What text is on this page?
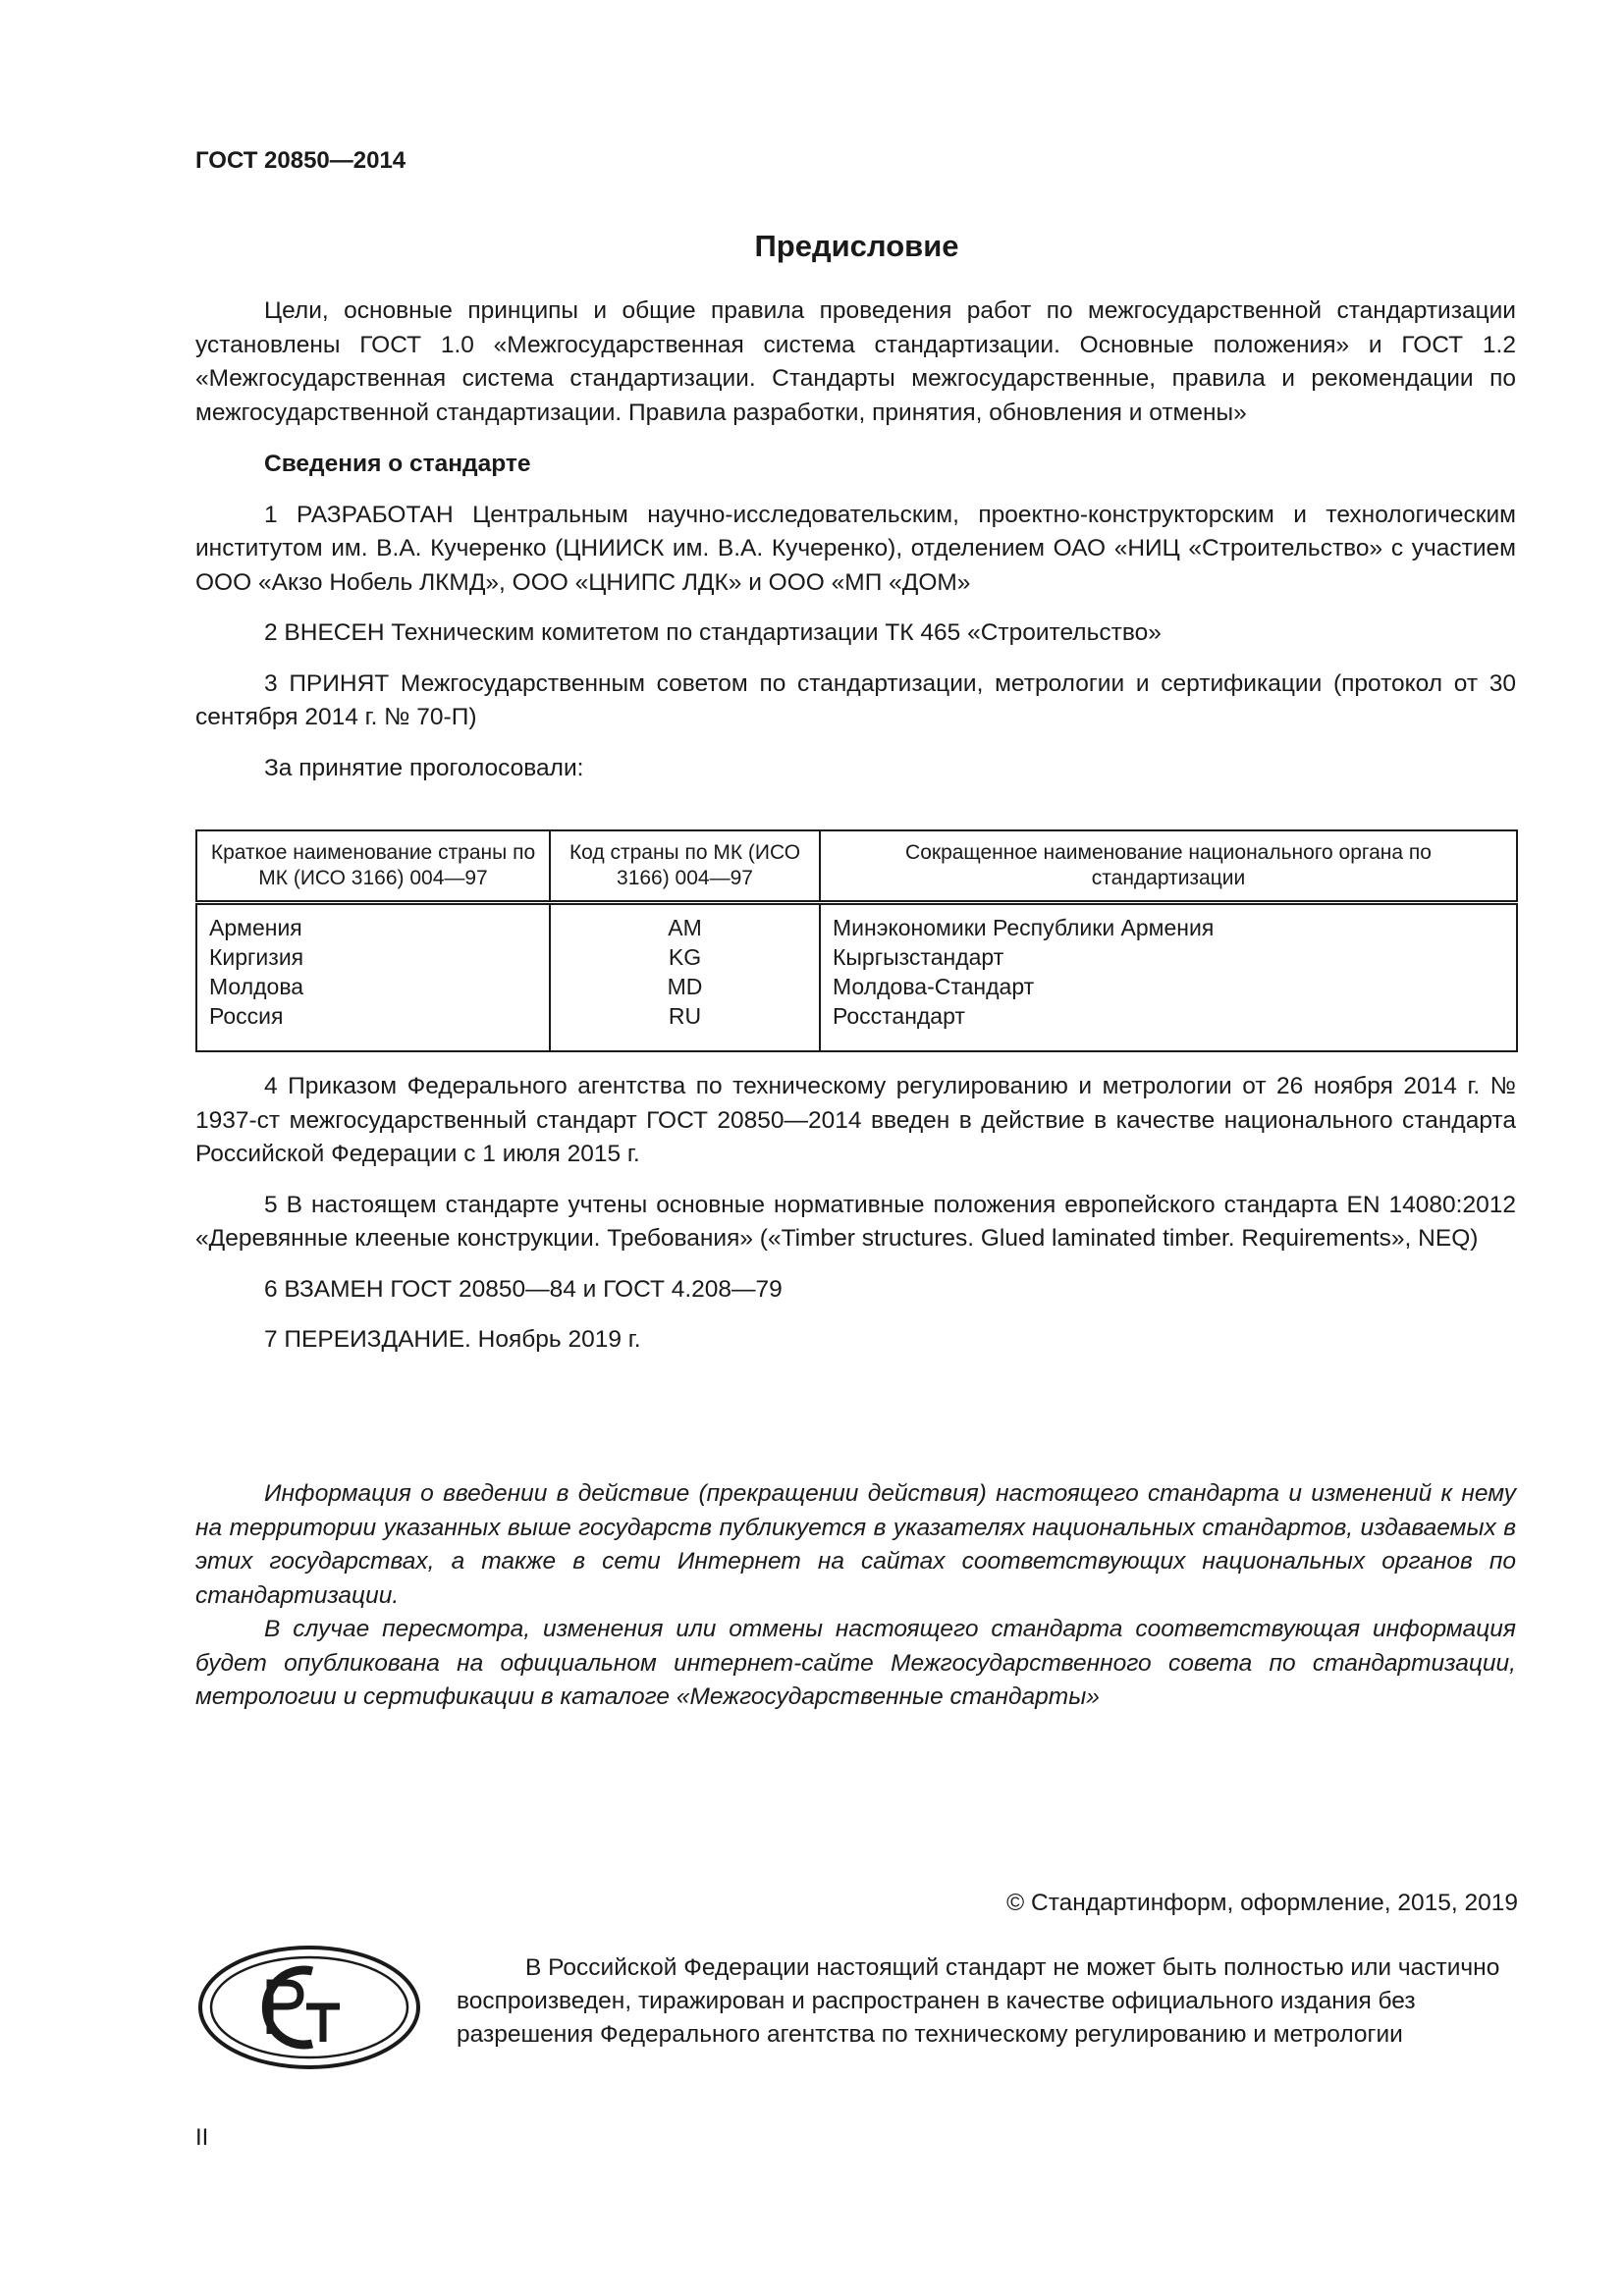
ГОСТ 20850—2014
Предисловие

Цели, основные принципы и общие правила проведения работ по межгосударственной стандартизации установлены ГОСТ 1.0 «Межгосударственная система стандартизации. Основные положения» и ГОСТ 1.2 «Межгосударственная система стандартизации. Стандарты межгосударственные, правила и рекомендации по межгосударственной стандартизации. Правила разработки, принятия, обновления и отмены»

Сведения о стандарте

1 РАЗРАБОТАН Центральным научно-исследовательским, проектно-конструкторским и технологическим институтом им. В.А. Кучеренко (ЦНИИСК им. В.А. Кучеренко), отделением ОАО «НИЦ «Строительство» с участием ООО «Акзо Нобель ЛКМД», ООО «ЦНИПС ЛДК» и ООО «МП «ДОМ»

2 ВНЕСЕН Техническим комитетом по стандартизации ТК 465 «Строительство»

3 ПРИНЯТ Межгосударственным советом по стандартизации, метрологии и сертификации (протокол от 30 сентября 2014 г. № 70-П)

За принятие проголосовали:

Краткое наименование страны по МК (ИСО 3166) 004—97	Код страны по МК (ИСО 3166) 004—97	Сокращенное наименование национального органа по стандартизации
Армения	AM	Минэкономики Республики Армения
Киргизия	KG	Кыргызстандарт
Молдова	MD	Молдова-Стандарт
Россия	RU	Росстандарт

4 Приказом Федерального агентства по техническому регулированию и метрологии от 26 ноября 2014 г. № 1937-ст межгосударственный стандарт ГОСТ 20850—2014 введен в действие в качестве национального стандарта Российской Федерации с 1 июля 2015 г.

5 В настоящем стандарте учтены основные нормативные положения европейского стандарта EN 14080:2012 «Деревянные клееные конструкции. Требования» («Timber structures. Glued laminated timber. Requirements», NEQ)

6 ВЗАМЕН ГОСТ 20850—84 и ГОСТ 4.208—79

7 ПЕРЕИЗДАНИЕ. Ноябрь 2019 г.

Информация о введении в действие (прекращении действия) настоящего стандарта и изменений к нему на территории указанных выше государств публикуется в указателях национальных стандартов, издаваемых в этих государствах, а также в сети Интернет на сайтах соответствующих национальных органов по стандартизации.

В случае пересмотра, изменения или отмены настоящего стандарта соответствующая информация будет опубликована на официальном интернет-сайте Межгосударственного совета по стандартизации, метрологии и сертификации в каталоге «Межгосударственные стандарты»

© Стандартинформ, оформление, 2015, 2019

В Российской Федерации настоящий стандарт не может быть полностью или частично воспроизведен, тиражирован и распространен в качестве официального издания без разрешения Федерального агентства по техническому регулированию и метрологии

II
